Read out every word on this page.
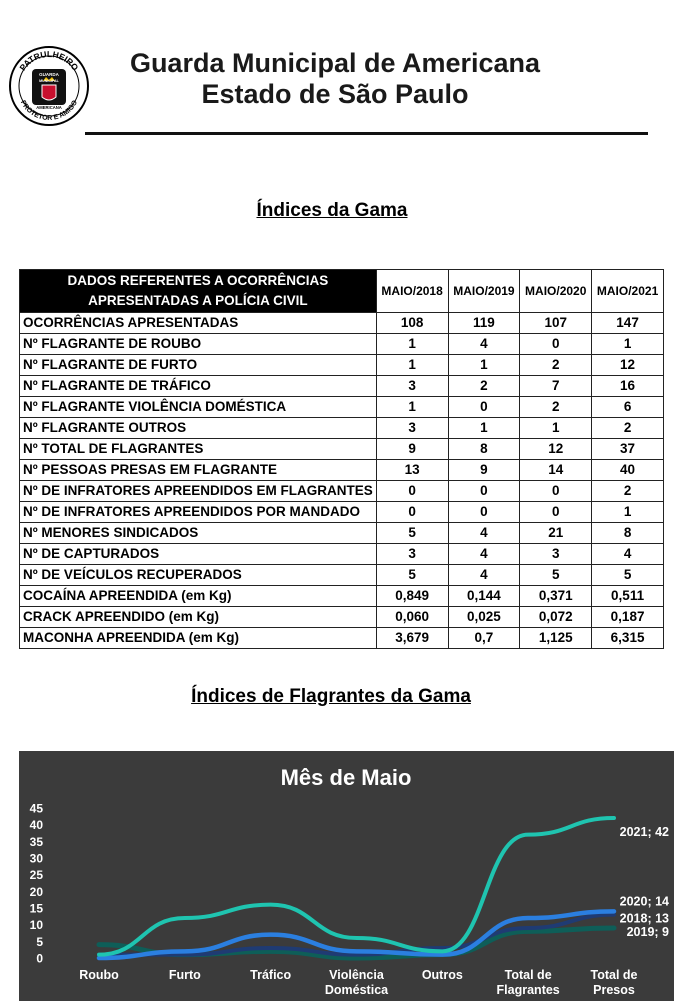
PATRULHEIRO
PROTETOR E AMIGO
GUARDA
MUNICIPAL
AMERICANA
Guarda Municipal de Americana
Estado de São Paulo
Índices da Gama
DADOS REFERENTES A OCORRÊNCIAS
APRESENTADAS A POLÍCIA CIVIL	MAIO/2018	MAIO/2019	MAIO/2020	MAIO/2021
OCORRÊNCIAS APRESENTADAS	108	119	107	147
Nº FLAGRANTE DE ROUBO	1	4	0	1
Nº FLAGRANTE DE FURTO	1	1	2	12
Nº FLAGRANTE DE TRÁFICO	3	2	7	16
Nº FLAGRANTE VIOLÊNCIA DOMÉSTICA	1	0	2	6
Nº FLAGRANTE OUTROS	3	1	1	2
Nº TOTAL DE FLAGRANTES	9	8	12	37
Nº PESSOAS PRESAS EM FLAGRANTE	13	9	14	40
Nº DE INFRATORES APREENDIDOS EM FLAGRANTES	0	0	0	2
Nº DE INFRATORES APREENDIDOS POR MANDADO	0	0	0	1
Nº MENORES SINDICADOS	5	4	21	8
Nº DE CAPTURADOS	3	4	3	4
Nº DE VEÍCULOS RECUPERADOS	5	4	5	5
COCAÍNA APREENDIDA (em Kg)	0,849	0,144	0,371	0,511
CRACK APREENDIDO (em Kg)	0,060	0,025	0,072	0,187
MACONHA APREENDIDA (em Kg)	3,679	0,7	1,125	6,315
Índices de Flagrantes da Gama
Mês de Maio
0
5
10
15
20
25
30
35
40
45
Roubo	Furto	Tráfico	Violência
Doméstica
Outros	Total de
Flagrantes
Total de
Presos
2021; 42
2020; 14
2018; 13
2019; 9
